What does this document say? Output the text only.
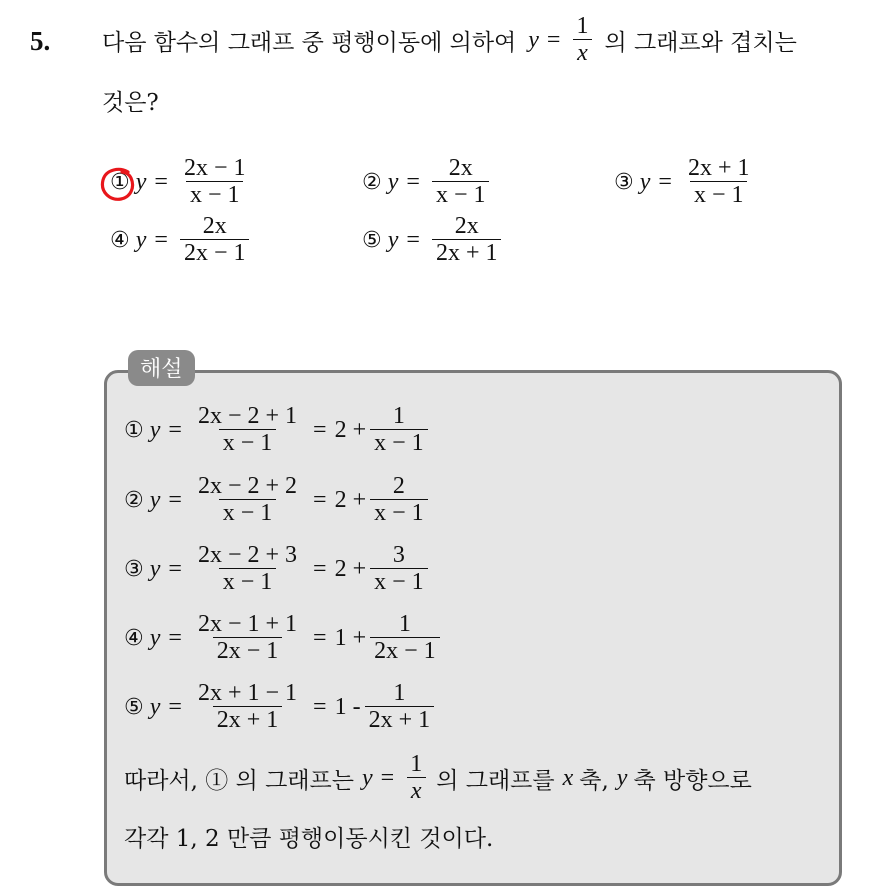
5. 다음 함수의 그래프 중 평행이동에 의하여 $y = \frac{1}{x}$ 의 그래프와 겹치는
것은?
① $y = \frac{2x - 1}{x - 1}$	② $y = \frac{2x}{x - 1}$	③ $y = \frac{2x + 1}{x - 1}$
④ $y = \frac{2x}{2x - 1}$	⑤ $y = \frac{2x}{2x + 1}$
해설
① $y = \frac{2x - 2 + 1}{x - 1} = 2 + \frac{1}{x - 1}$
② $y = \frac{2x - 2 + 2}{x - 1} = 2 + \frac{2}{x - 1}$
③ $y = \frac{2x - 2 + 3}{x - 1} = 2 + \frac{3}{x - 1}$
④ $y = \frac{2x - 1 + 1}{2x - 1} = 1 + \frac{1}{2x - 1}$
⑤ $y = \frac{2x + 1 - 1}{2x + 1} = 1 - \frac{1}{2x + 1}$
따라서, ① 의 그래프는 $y = \frac{1}{x}$ 의 그래프를 x 축, y 축 방향으로
각각 1, 2 만큼 평행이동시킨 것이다.
